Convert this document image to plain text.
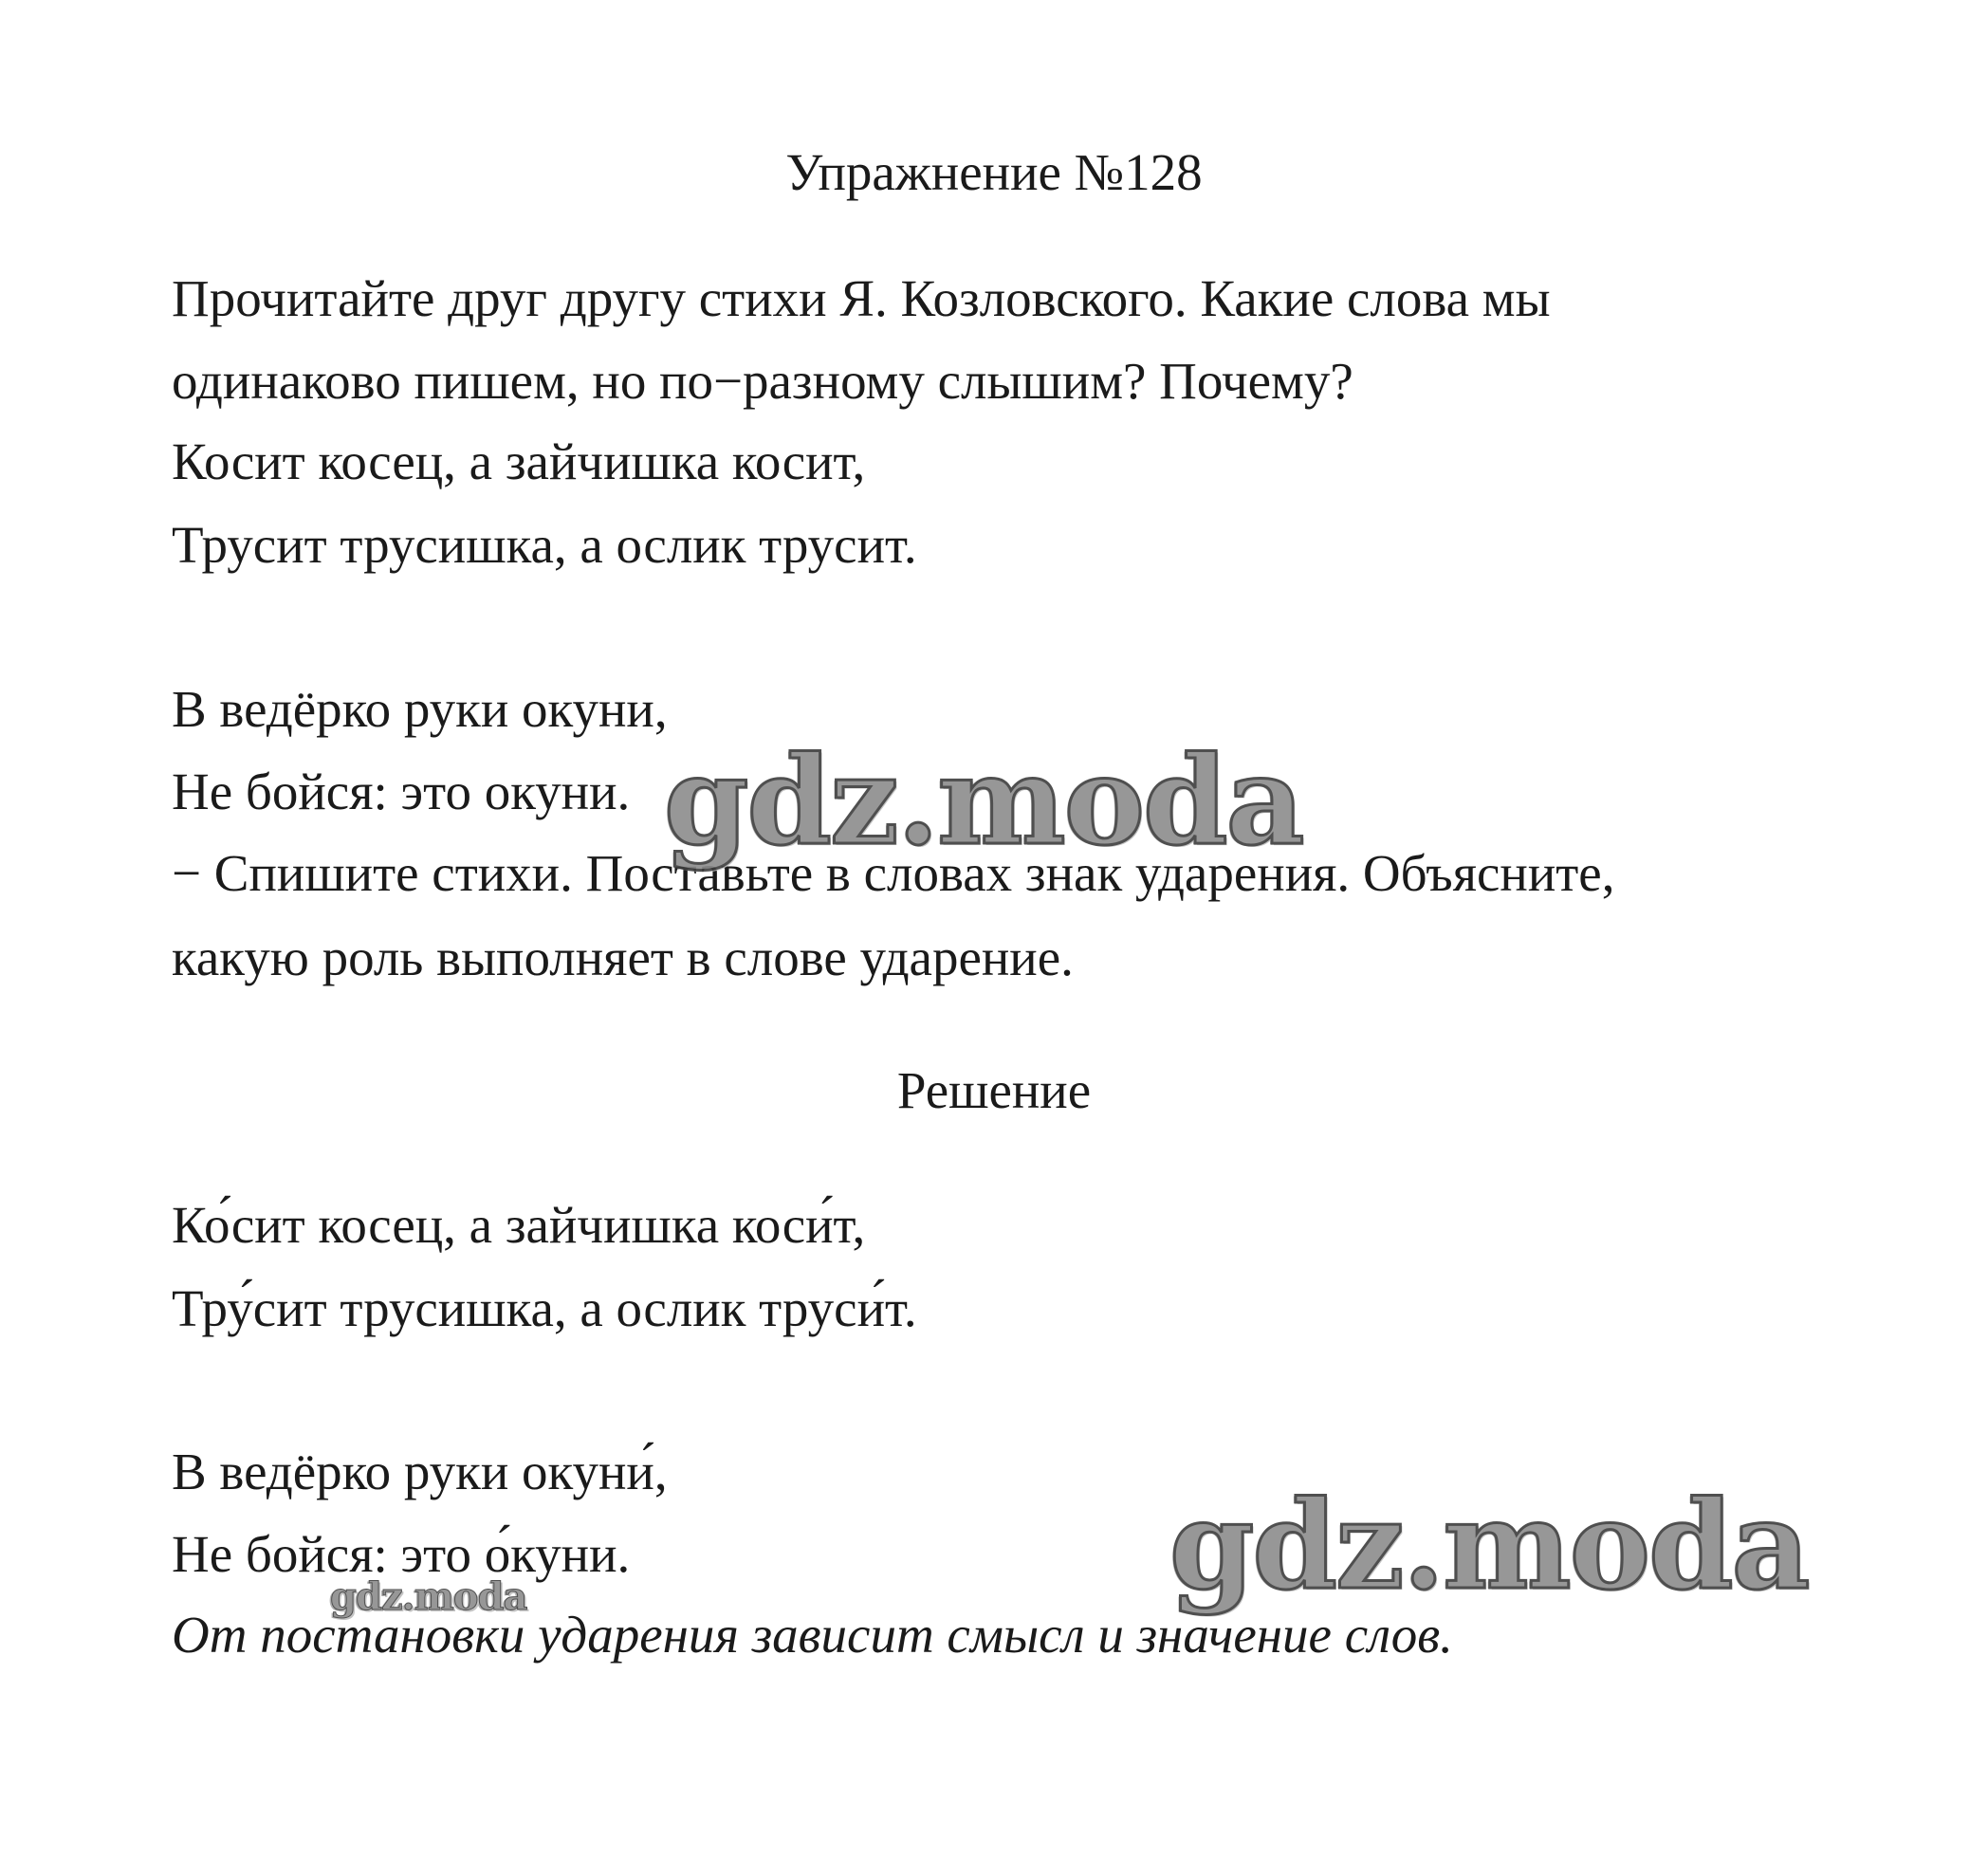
Упражнение №128
Прочитайте друг другу стихи Я. Козловского. Какие слова мы
одинаково пишем, но по−разному слышим? Почему?
Косит косец, а зайчишка косит,
Трусит трусишка, а ослик трусит.
В ведёрко руки окуни,
Не бойся: это окуни.
− Спишите стихи. Поставьте в словах знак ударения. Объясните,
какую роль выполняет в слове ударение.
Решение
Ко́сит косец, а зайчишка коси́т,
Тру́сит трусишка, а ослик труси́т.
В ведёрко руки окуни́,
Не бойся: это о́куни.
От постановки ударения зависит смысл и значение слов.
gdz.moda
gdz.moda
gdz.moda
